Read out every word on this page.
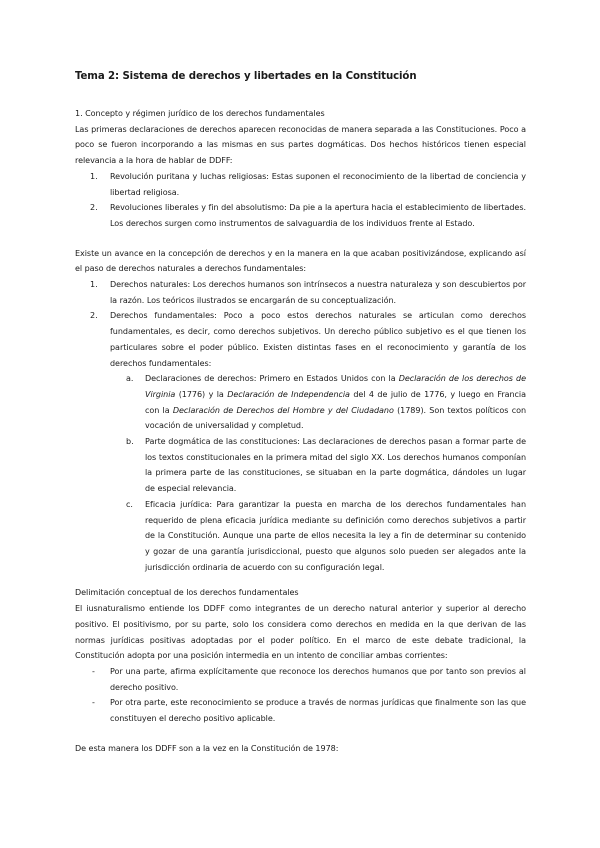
Tema 2: Sistema de derechos y libertades en la Constitución
1. Concepto y régimen jurídico de los derechos fundamentales
Las primeras declaraciones de derechos aparecen reconocidas de manera separada a las Constituciones. Poco a poco se fueron incorporando a las mismas en sus partes dogmáticas. Dos hechos históricos tienen especial relevancia a la hora de hablar de DDFF:
1. Revolución puritana y luchas religiosas: Estas suponen el reconocimiento de la libertad de conciencia y libertad religiosa.
2. Revoluciones liberales y fin del absolutismo: Da pie a la apertura hacia el establecimiento de libertades. Los derechos surgen como instrumentos de salvaguardia de los individuos frente al Estado.
Existe un avance en la concepción de derechos y en la manera en la que acaban positivizándose, explicando así el paso de derechos naturales a derechos fundamentales:
1. Derechos naturales: Los derechos humanos son intrínsecos a nuestra naturaleza y son descubiertos por la razón. Los teóricos ilustrados se encargarán de su conceptualización.
2. Derechos fundamentales: Poco a poco estos derechos naturales se articulan como derechos fundamentales, es decir, como derechos subjetivos. Un derecho público subjetivo es el que tienen los particulares sobre el poder público. Existen distintas fases en el reconocimiento y garantía de los derechos fundamentales:
a. Declaraciones de derechos: Primero en Estados Unidos con la Declaración de los derechos de Virginia (1776) y la Declaración de Independencia del 4 de julio de 1776, y luego en Francia con la Declaración de Derechos del Hombre y del Ciudadano (1789). Son textos políticos con vocación de universalidad y completud.
b. Parte dogmática de las constituciones: Las declaraciones de derechos pasan a formar parte de los textos constitucionales en la primera mitad del siglo XX. Los derechos humanos componían la primera parte de las constituciones, se situaban en la parte dogmática, dándoles un lugar de especial relevancia.
c. Eficacia jurídica: Para garantizar la puesta en marcha de los derechos fundamentales han requerido de plena eficacia jurídica mediante su definición como derechos subjetivos a partir de la Constitución. Aunque una parte de ellos necesita la ley a fin de determinar su contenido y gozar de una garantía jurisdiccional, puesto que algunos solo pueden ser alegados ante la jurisdicción ordinaria de acuerdo con su configuración legal.
Delimitación conceptual de los derechos fundamentales
El iusnaturalismo entiende los DDFF como integrantes de un derecho natural anterior y superior al derecho positivo. El positivismo, por su parte, solo los considera como derechos en medida en la que derivan de las normas jurídicas positivas adoptadas por el poder político. En el marco de este debate tradicional, la Constitución adopta por una posición intermedia en un intento de conciliar ambas corrientes:
- Por una parte, afirma explícitamente que reconoce los derechos humanos que por tanto son previos al derecho positivo.
- Por otra parte, este reconocimiento se produce a través de normas jurídicas que finalmente son las que constituyen el derecho positivo aplicable.
De esta manera los DDFF son a la vez en la Constitución de 1978:
